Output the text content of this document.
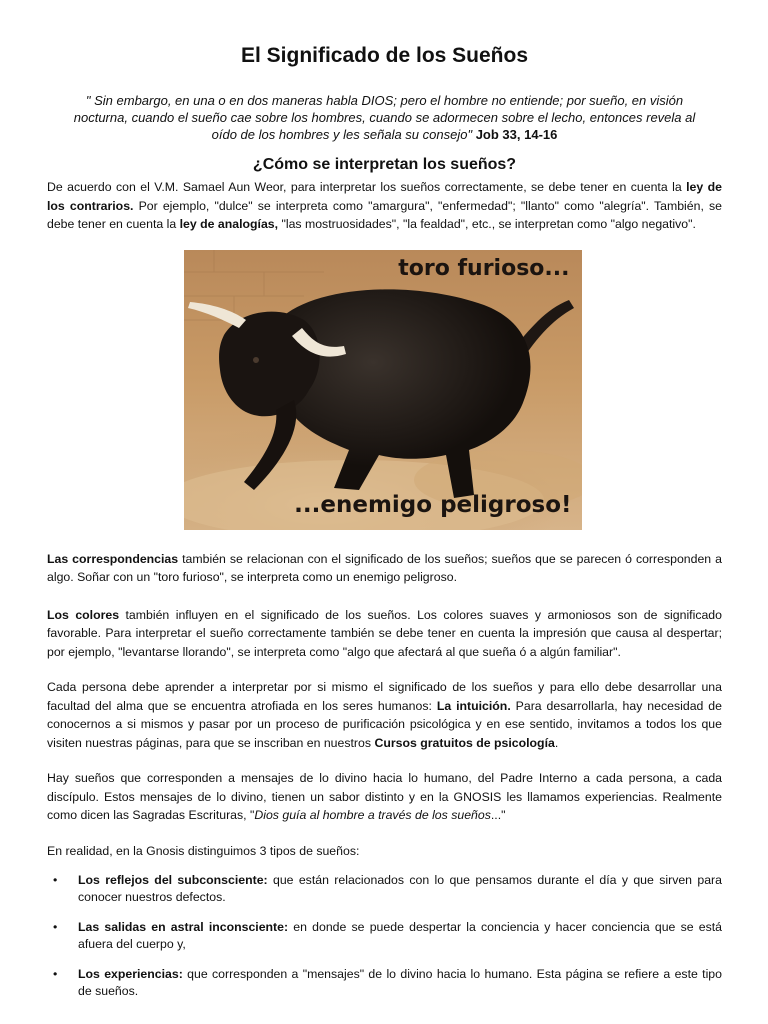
El Significado de los Sueños
" Sin embargo, en una o en dos maneras habla DIOS; pero el hombre no entiende; por sueño, en visión nocturna, cuando el sueño cae sobre los hombres, cuando se adormecen sobre el lecho, entonces revela al oído de los hombres y les señala su consejo" Job 33, 14-16
¿Cómo se interpretan los sueños?

De acuerdo con el V.M. Samael Aun Weor, para interpretar los sueños correctamente, se debe tener en cuenta la ley de los contrarios. Por ejemplo, "dulce" se interpreta como "amargura", "enfermedad"; "llanto" como "alegría". También, se debe tener en cuenta la ley de analogías, "las mostruosidades", "la fealdad", etc., se interpretan como "algo negativo".

toro furioso...
...enemigo peligroso!

Las correspondencias también se relacionan con el significado de los sueños; sueños que se parecen ó corresponden a algo. Soñar con un "toro furioso", se interpreta como un enemigo peligroso.

Los colores también influyen en el significado de los sueños. Los colores suaves y armoniosos son de significado favorable. Para interpretar el sueño correctamente también se debe tener en cuenta la impresión que causa al despertar; por ejemplo, "levantarse llorando", se interpreta como "algo que afectará al que sueña ó a algún familiar".

Cada persona debe aprender a interpretar por si mismo el significado de los sueños y para ello debe desarrollar una facultad del alma que se encuentra atrofiada en los seres humanos: La intuición. Para desarrollarla, hay necesidad de conocernos a si mismos y pasar por un proceso de purificación psicológica y en ese sentido, invitamos a todos los que visiten nuestras páginas, para que se inscriban en nuestros Cursos gratuitos de psicología.

Hay sueños que corresponden a mensajes de lo divino hacia lo humano, del Padre Interno a cada persona, a cada discípulo. Estos mensajes de lo divino, tienen un sabor distinto y en la GNOSIS les llamamos experiencias. Realmente como dicen las Sagradas Escrituras, "Dios guía al hombre a través de los sueños..."

En realidad, en la Gnosis distinguimos 3 tipos de sueños:

• Los reflejos del subconsciente: que están relacionados con lo que pensamos durante el día y que sirven para conocer nuestros defectos.
• Las salidas en astral inconsciente: en donde se puede despertar la conciencia y hacer conciencia que se está afuera del cuerpo y,
• Los experiencias: que corresponden a "mensajes" de lo divino hacia lo humano. Esta página se refiere a este tipo de sueños.
